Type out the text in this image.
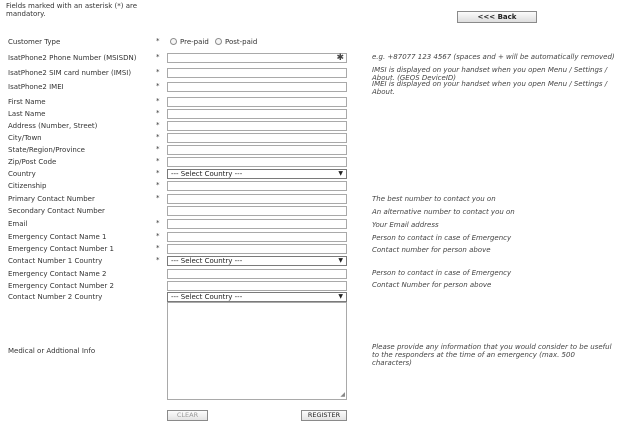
Fields marked with an asterisk (*) are mandatory.	<<< Back
Customer Type	*	Pre-paid Post-paid
IsatPhone2 Phone Number (MSISDN)	*	✱	e.g. +87077 123 4567 (spaces and + will be automatically removed)
IsatPhone2 SIM card number (IMSI)	*	IMSI is displayed on your handset when you open Menu / Settings / About. (GEOS DeviceID)
IsatPhone2 IMEI	*	IMEI is displayed on your handset when you open Menu / Settings / About.
First Name	*
Last Name	*
Address (Number, Street)	*
City/Town	*
State/Region/Province	*
Zip/Post Code	*
Country	*	--- Select Country ---	▼
Citizenship	*
Primary Contact Number	*	The best number to contact you on
Secondary Contact Number	An alternative number to contact you on
Email	*	Your Email address
Emergency Contact Name 1	*	Person to contact in case of Emergency
Emergency Contact Number 1	*	Contact number for person above
Contact Number 1 Country	*	--- Select Country ---	▼
Emergency Contact Name 2	Person to contact in case of Emergency
Emergency Contact Number 2	Contact Number for person above
Contact Number 2 Country	--- Select Country ---	▼
Medical or Addtional Info
◢
Please provide any information that you would consider to be useful to the responders at the time of an emergency (max. 500 characters)
CLEAR	REGISTER
